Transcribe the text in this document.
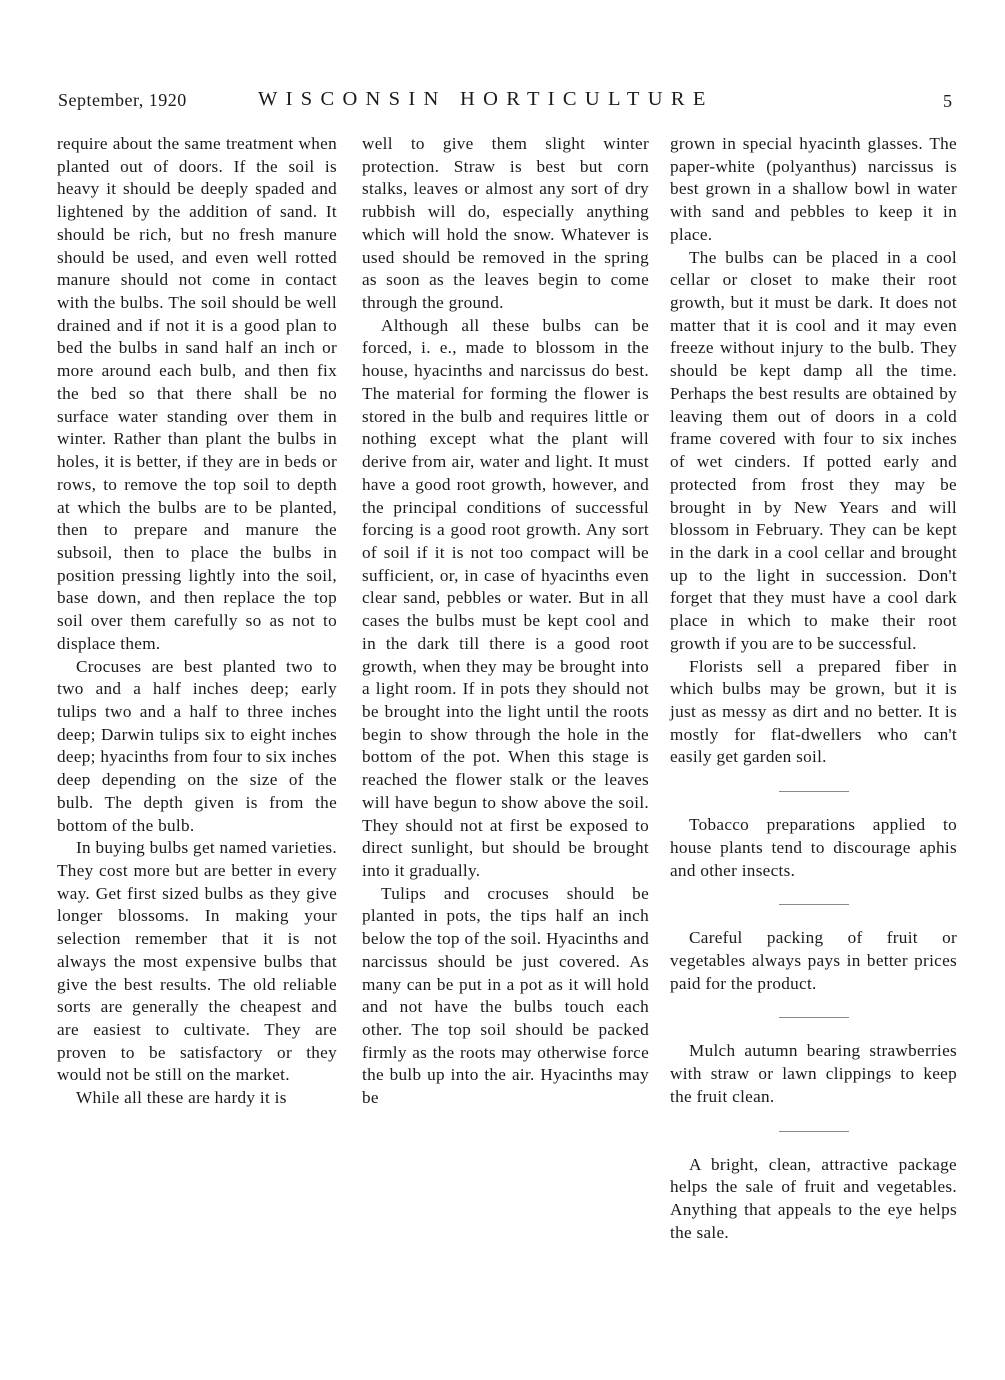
September, 1920	WISCONSIN HORTICULTURE	5

require about the same treatment when planted out of doors. If the soil is heavy it should be deeply spaded and lightened by the addition of sand. It should be rich, but no fresh manure should be used, and even well rotted manure should not come in contact with the bulbs. The soil should be well drained and if not it is a good plan to bed the bulbs in sand half an inch or more around each bulb, and then fix the bed so that there shall be no surface water standing over them in winter. Rather than plant the bulbs in holes, it is better, if they are in beds or rows, to remove the top soil to depth at which the bulbs are to be planted, then to prepare and manure the subsoil, then to place the bulbs in position pressing lightly into the soil, base down, and then replace the top soil over them carefully so as not to displace them.

Crocuses are best planted two to two and a half inches deep; early tulips two and a half to three inches deep; Darwin tulips six to eight inches deep; hyacinths from four to six inches deep depending on the size of the bulb. The depth given is from the bottom of the bulb.

In buying bulbs get named varieties. They cost more but are better in every way. Get first sized bulbs as they give longer blossoms. In making your selection remember that it is not always the most expensive bulbs that give the best results. The old reliable sorts are generally the cheapest and are easiest to cultivate. They are proven to be satisfactory or they would not be still on the market.

While all these are hardy it is

well to give them slight winter protection. Straw is best but corn stalks, leaves or almost any sort of dry rubbish will do, especially anything which will hold the snow. Whatever is used should be removed in the spring as soon as the leaves begin to come through the ground.

Although all these bulbs can be forced, i. e., made to blossom in the house, hyacinths and narcissus do best. The material for forming the flower is stored in the bulb and requires little or nothing except what the plant will derive from air, water and light. It must have a good root growth, however, and the principal conditions of successful forcing is a good root growth. Any sort of soil if it is not too compact will be sufficient, or, in case of hyacinths even clear sand, pebbles or water. But in all cases the bulbs must be kept cool and in the dark till there is a good root growth, when they may be brought into a light room. If in pots they should not be brought into the light until the roots begin to show through the hole in the bottom of the pot. When this stage is reached the flower stalk or the leaves will have begun to show above the soil. They should not at first be exposed to direct sunlight, but should be brought into it gradually.

Tulips and crocuses should be planted in pots, the tips half an inch below the top of the soil. Hyacinths and narcissus should be just covered. As many can be put in a pot as it will hold and not have the bulbs touch each other. The top soil should be packed firmly as the roots may otherwise force the bulb up into the air. Hyacinths may be

grown in special hyacinth glasses. The paper-white (polyanthus) narcissus is best grown in a shallow bowl in water with sand and pebbles to keep it in place.

The bulbs can be placed in a cool cellar or closet to make their root growth, but it must be dark. It does not matter that it is cool and it may even freeze without injury to the bulb. They should be kept damp all the time. Perhaps the best results are obtained by leaving them out of doors in a cold frame covered with four to six inches of wet cinders. If potted early and protected from frost they may be brought in by New Years and will blossom in February. They can be kept in the dark in a cool cellar and brought up to the light in succession. Don't forget that they must have a cool dark place in which to make their root growth if you are to be successful.

Florists sell a prepared fiber in which bulbs may be grown, but it is just as messy as dirt and no better. It is mostly for flat-dwellers who can't easily get garden soil.

Tobacco preparations applied to house plants tend to discourage aphis and other insects.

Careful packing of fruit or vegetables always pays in better prices paid for the product.

Mulch autumn bearing strawberries with straw or lawn clippings to keep the fruit clean.

A bright, clean, attractive package helps the sale of fruit and vegetables. Anything that appeals to the eye helps the sale.
